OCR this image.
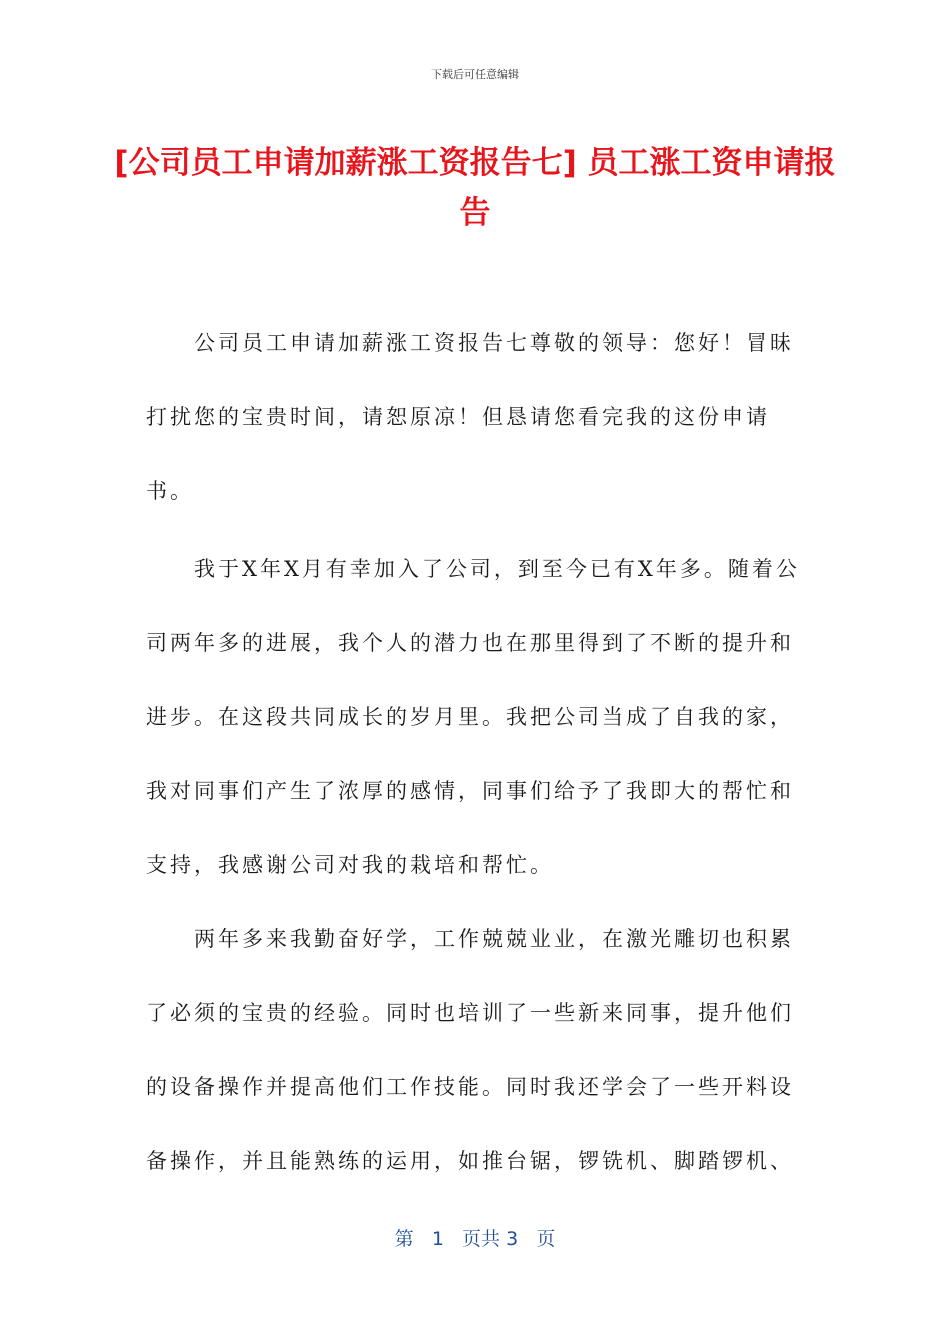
下载后可任意编辑
[公司员工申请加薪涨工资报告七] 员工涨工资申请报告

公司员工申请加薪涨工资报告七尊敬的领导：您好！冒昧打扰您的宝贵时间，请恕原凉！但恳请您看完我的这份申请书。

我于X年X月有幸加入了公司，到至今已有X年多。随着公司两年多的进展，我个人的潜力也在那里得到了不断的提升和进步。在这段共同成长的岁月里。我把公司当成了自我的家，我对同事们产生了浓厚的感情，同事们给予了我即大的帮忙和支持，我感谢公司对我的栽培和帮忙。

两年多来我勤奋好学，工作兢兢业业，在激光雕切也积累了必须的宝贵的经验。同时也培训了一些新来同事，提升他们的设备操作并提高他们工作技能。同时我还学会了一些开料设备操作，并且能熟练的运用，如推台锯，锣铣机、脚踏锣机、

第 1 页共 3 页
